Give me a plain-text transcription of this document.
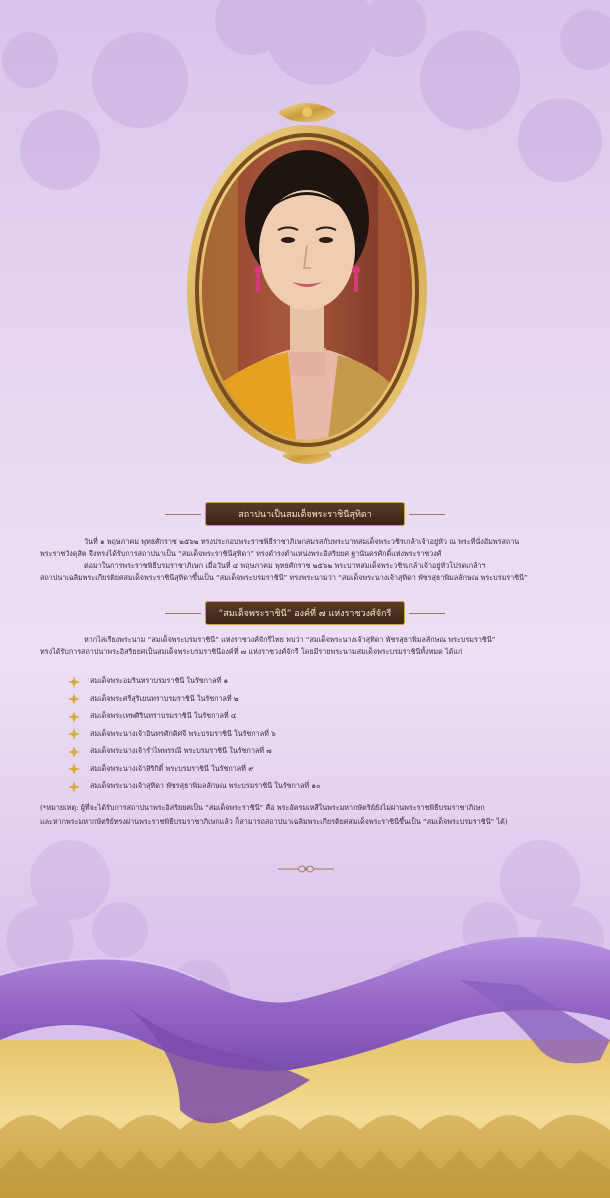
สถาปนาเป็นสมเด็จพระราชินีสุทิดา

วันที่ ๑ พฤษภาคม พุทธศักราช ๒๕๖๒ ทรงประกอบพระราชพิธีราชาภิเษกสมรสกับพระบาทสมเด็จพระวชิรเกล้าเจ้าอยู่หัว ณ พระที่นั่งอัมพรสถาน

พระราชวังดุสิต จึงทรงได้รับการสถาปนาเป็น “สมเด็จพระราชินีสุทิดา” ทรงดำรงตำแหน่งพระอิสริยยศ ฐานันดรศักดิ์แห่งพระราชวงศ์

ต่อมาในการพระราชพิธีบรมราชาภิเษก เมื่อวันที่ ๔ พฤษภาคม พุทธศักราช ๒๕๖๒ พระบาทสมเด็จพระวชิรเกล้าเจ้าอยู่หัวโปรดเกล้าฯ

สถาปนาเฉลิมพระเกียรติยศสมเด็จพระราชินีสุทิดาขึ้นเป็น “สมเด็จพระบรมราชินี” ทรงพระนามว่า “สมเด็จพระนางเจ้าสุทิดา พัชรสุธาพิมลลักษณ พระบรมราชินี”

“สมเด็จพระราชินี” องค์ที่ ๗ แห่งราชวงศ์จักรี

หากไล่เรียงพระนาม “สมเด็จพระบรมราชินี” แห่งราชวงศ์จักรีไทย พบว่า “สมเด็จพระนางเจ้าสุทิดา พัชรสุธาพิมลลักษณ พระบรมราชินี”

ทรงได้รับการสถาปนาพระอิสริยยศเป็นสมเด็จพระบรมราชินีองค์ที่ ๗ แห่งราชวงศ์จักรี โดยมีรายพระนามสมเด็จพระบรมราชินีทั้งหมด ได้แก่

สมเด็จพระอมรินทราบรมราชินี ในรัชกาลที่ ๑
สมเด็จพระศรีสุริเยนทราบรมราชินี ในรัชกาลที่ ๒
สมเด็จพระเทพศิรินทราบรมราชินี ในรัชกาลที่ ๔
สมเด็จพระนางเจ้าอินทรศักดิศจี พระบรมราชินี ในรัชกาลที่ ๖
สมเด็จพระนางเจ้ารำไพพรรณี พระบรมราชินี ในรัชกาลที่ ๗
สมเด็จพระนางเจ้าสิริกิติ์ พระบรมราชินี ในรัชกาลที่ ๙
สมเด็จพระนางเจ้าสุทิดา พัชรสุธาพิมลลักษณ พระบรมราชินี ในรัชกาลที่ ๑๐

(*หมายเหตุ: ผู้ที่จะได้รับการสถาปนาพระอิสริยยศเป็น “สมเด็จพระราชินี” คือ พระอัครมเหสีในพระมหากษัตริย์ยังไม่ผ่านพระราชพิธีบรมราชาภิเษก

และหากพระมหากษัตริย์ทรงผ่านพระราชพิธีบรมราชาภิเษกแล้ว ก็สามารถสถาปนาเฉลิมพระเกียรติยศสมเด็จพระราชินีขึ้นเป็น “สมเด็จพระบรมราชินี” ได้)
